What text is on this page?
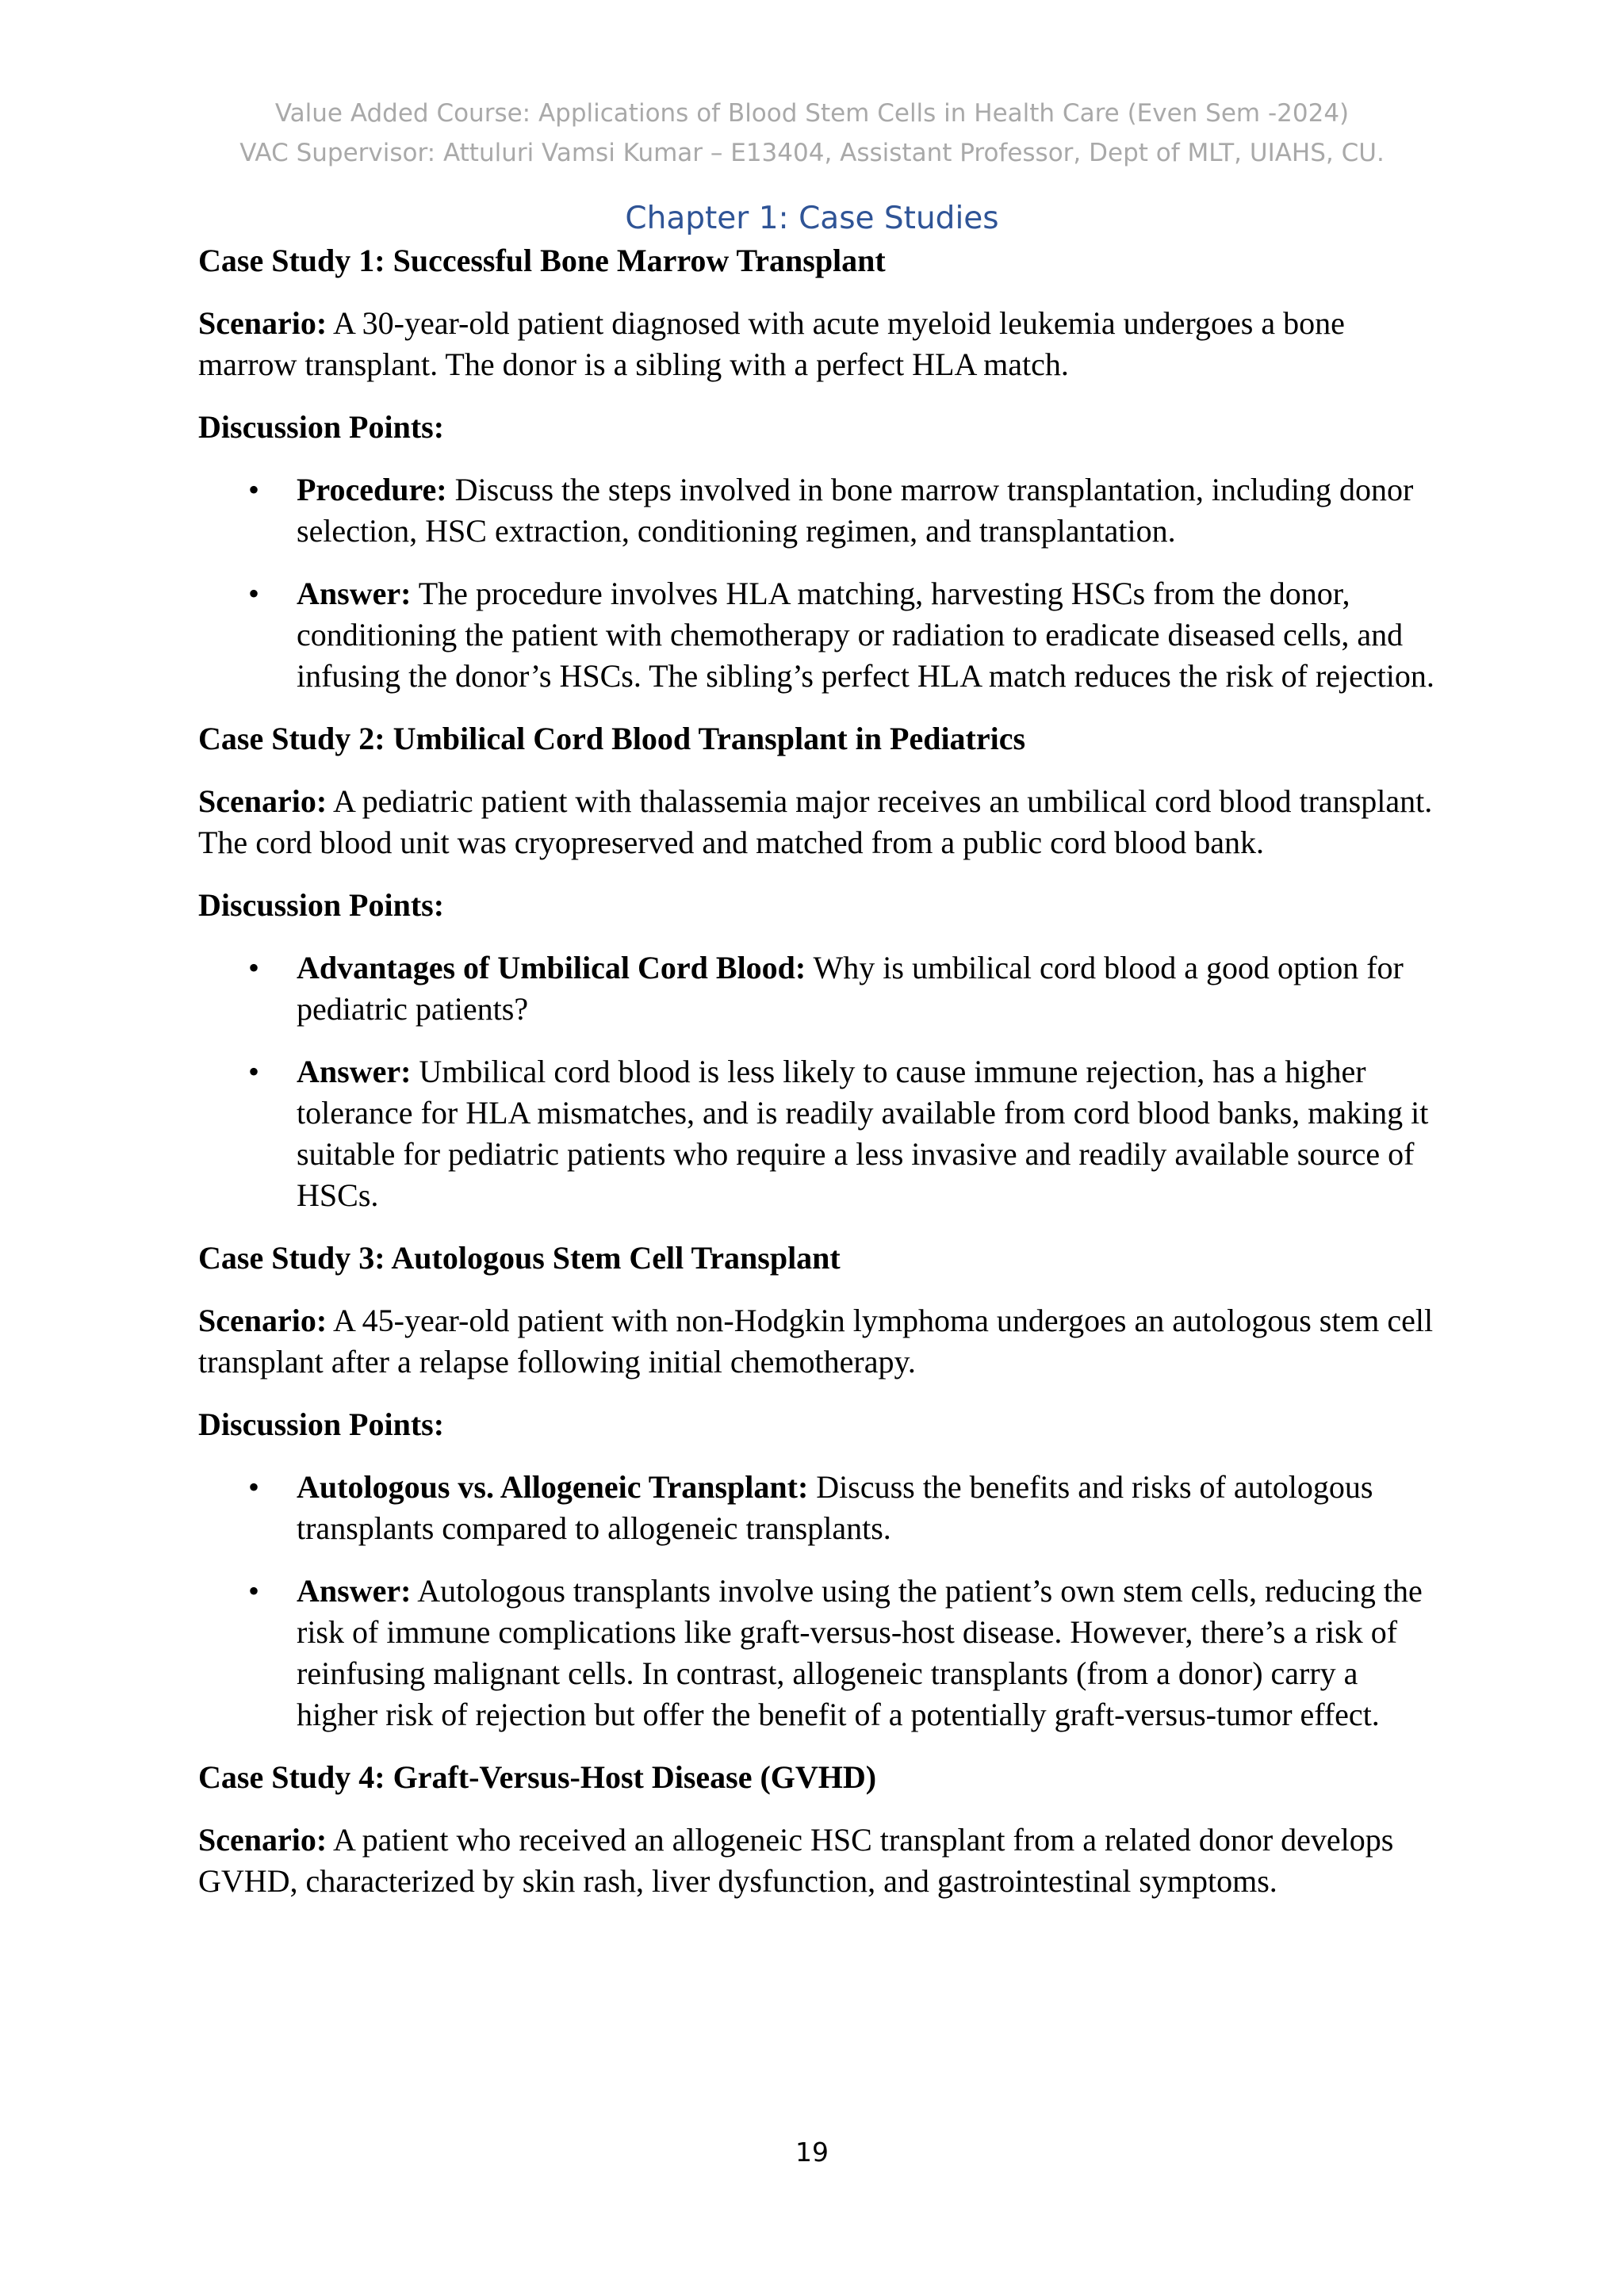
Value Added Course: Applications of Blood Stem Cells in Health Care (Even Sem -2024)
VAC Supervisor: Attuluri Vamsi Kumar – E13404, Assistant Professor, Dept of MLT, UIAHS, CU.
Chapter 1: Case Studies
Case Study 1: Successful Bone Marrow Transplant

Scenario: A 30-year-old patient diagnosed with acute myeloid leukemia undergoes a bone marrow transplant. The donor is a sibling with a perfect HLA match.

Discussion Points:

• Procedure: Discuss the steps involved in bone marrow transplantation, including donor selection, HSC extraction, conditioning regimen, and transplantation.
• Answer: The procedure involves HLA matching, harvesting HSCs from the donor, conditioning the patient with chemotherapy or radiation to eradicate diseased cells, and infusing the donor’s HSCs. The sibling’s perfect HLA match reduces the risk of rejection.
Case Study 2: Umbilical Cord Blood Transplant in Pediatrics

Scenario: A pediatric patient with thalassemia major receives an umbilical cord blood transplant. The cord blood unit was cryopreserved and matched from a public cord blood bank.

Discussion Points:

• Advantages of Umbilical Cord Blood: Why is umbilical cord blood a good option for pediatric patients?
• Answer: Umbilical cord blood is less likely to cause immune rejection, has a higher tolerance for HLA mismatches, and is readily available from cord blood banks, making it suitable for pediatric patients who require a less invasive and readily available source of HSCs.
Case Study 3: Autologous Stem Cell Transplant

Scenario: A 45-year-old patient with non-Hodgkin lymphoma undergoes an autologous stem cell transplant after a relapse following initial chemotherapy.

Discussion Points:

• Autologous vs. Allogeneic Transplant: Discuss the benefits and risks of autologous transplants compared to allogeneic transplants.
• Answer: Autologous transplants involve using the patient’s own stem cells, reducing the risk of immune complications like graft-versus-host disease. However, there’s a risk of reinfusing malignant cells. In contrast, allogeneic transplants (from a donor) carry a higher risk of rejection but offer the benefit of a potentially graft-versus-tumor effect.
Case Study 4: Graft-Versus-Host Disease (GVHD)

Scenario: A patient who received an allogeneic HSC transplant from a related donor develops GVHD, characterized by skin rash, liver dysfunction, and gastrointestinal symptoms.

19
